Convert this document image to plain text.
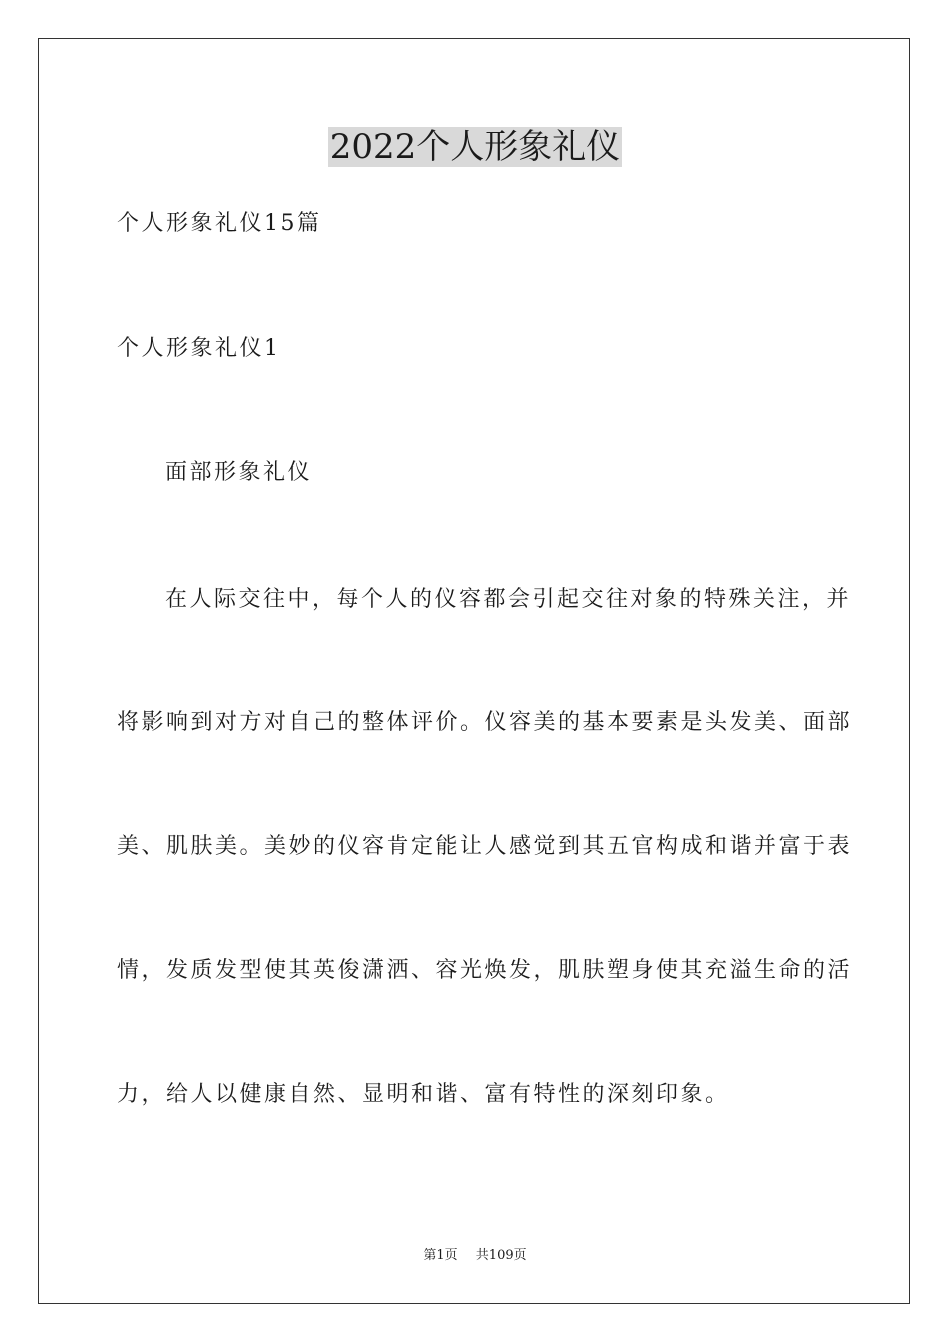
2022个人形象礼仪
个人形象礼仪15篇
个人形象礼仪1
面部形象礼仪
在人际交往中，每个人的仪容都会引起交往对象的特殊关注，并
将影响到对方对自己的整体评价。仪容美的基本要素是头发美、面部
美、肌肤美。美妙的仪容肯定能让人感觉到其五官构成和谐并富于表
情，发质发型使其英俊潇洒、容光焕发，肌肤塑身使其充溢生命的活
力，给人以健康自然、显明和谐、富有特性的深刻印象。
第1页 共109页
